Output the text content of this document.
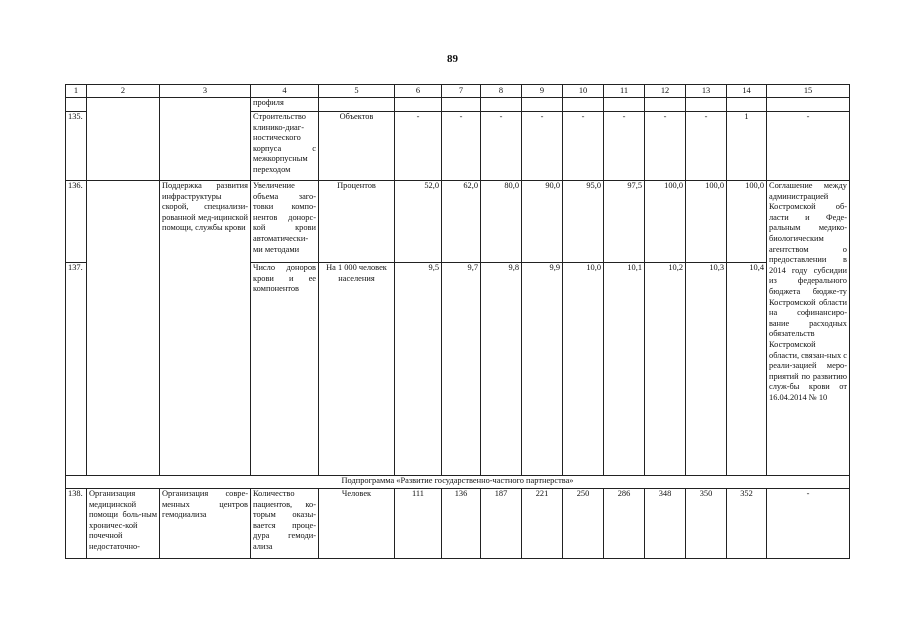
89
1	2	3	4	5	6	7	8	9	10	11	12	13	14	15
			профиля											
135.			Строительство клинико-диаг-ностического корпуса с межкорпусным переходом	Объектов	-	-	-	-	-	-	-	-	1	-
136.		Поддержка развития инфраструктуры скорой, специализи-рованной мед-ицинской помощи, службы крови	Увеличение объема заго-товки компо-нентов донорс-кой крови автоматически-ми методами	Процентов	52,0	62,0	80,0	90,0	95,0	97,5	100,0	100,0	100,0	Соглашение между администрацией Костромской об-ласти и Феде-ральным медико-биологическим агентством о предоставлении в 2014 году субсидии из федерального бюджета бюдже-ту Костромской области на софинансиро-вание расходных обязательств Костромской области, связан-ных с реали-зацией меро-приятий по развитию служ-бы крови от 16.04.2014 № 10
137.			Число донoров крови и ее компонентов	На 1 000 человек населения	9,5	9,7	9,8	9,9	10,0	10,1	10,2	10,3	10,4	
Подпрограмма «Развитие государственно-частного партнерства»														
138.	Организация медицинской помощи боль-ным хроничес-кой почечной недостаточно-	Организация совре-менных центров гемодиализа	Количество пациентов, ко-торым оказы-вается проце-дура гемоди-ализа	Человек	111	136	187	221	250	286	348	350	352	-
